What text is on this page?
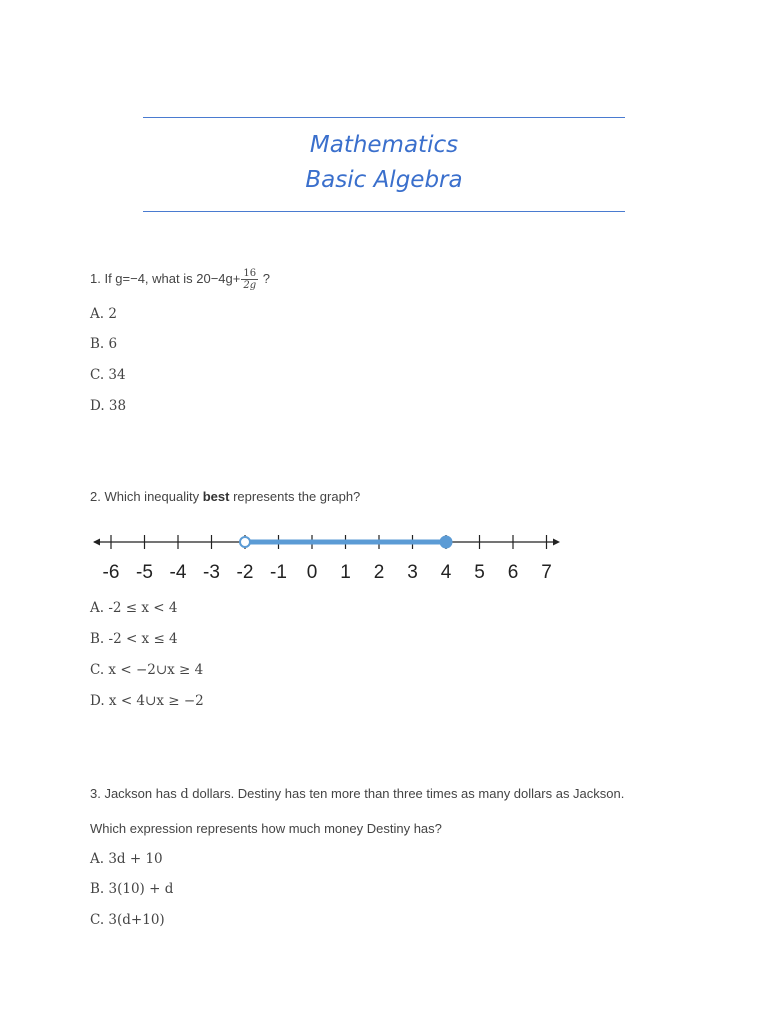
Mathematics
Basic Algebra
1. If g=−4, what is $20-4g+ \frac{16}{2g}$ ?
A. 2
B. 6
C. 34
D. 38
2. Which inequality best represents the graph?
-6 -5 -4 -3 -2 -1 0 1 2 3 4 5 6 7
A. -2 ≤ x < 4
B. -2 < x ≤ 4
C. x < −2∪x ≥ 4
D. x < 4∪x ≥ −2
3. Jackson has d dollars. Destiny has ten more than three times as many dollars as Jackson.
Which expression represents how much money Destiny has?
A. 3d + 10
B. 3(10) + d
C. 3(d+10)
